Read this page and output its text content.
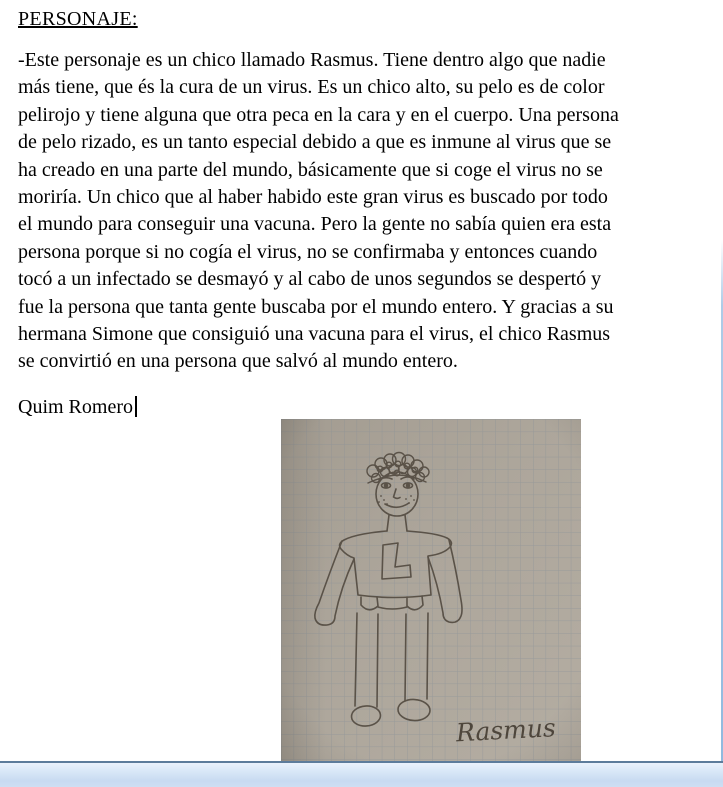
PERSONAJE:
-Este personaje es un chico llamado Rasmus. Tiene dentro algo que nadie
más tiene, que és la cura de un virus. Es un chico alto, su pelo es de color
pelirojo y tiene alguna que otra peca en la cara y en el cuerpo. Una persona
de pelo rizado, es un tanto especial debido a que es inmune al virus que se
ha creado en una parte del mundo, básicamente que si coge el virus no se
moriría. Un chico que al haber habido este gran virus es buscado por todo
el mundo para conseguir una vacuna. Pero la gente no sabía quien era esta
persona porque si no cogía el virus, no se confirmaba y entonces cuando
tocó a un infectado se desmayó y al cabo de unos segundos se despertó y
fue la persona que tanta gente buscaba por el mundo entero. Y gracias a su
hermana Simone que consiguió una vacuna para el virus, el chico Rasmus
se convirtió en una persona que salvó al mundo entero.
Quim Romero
